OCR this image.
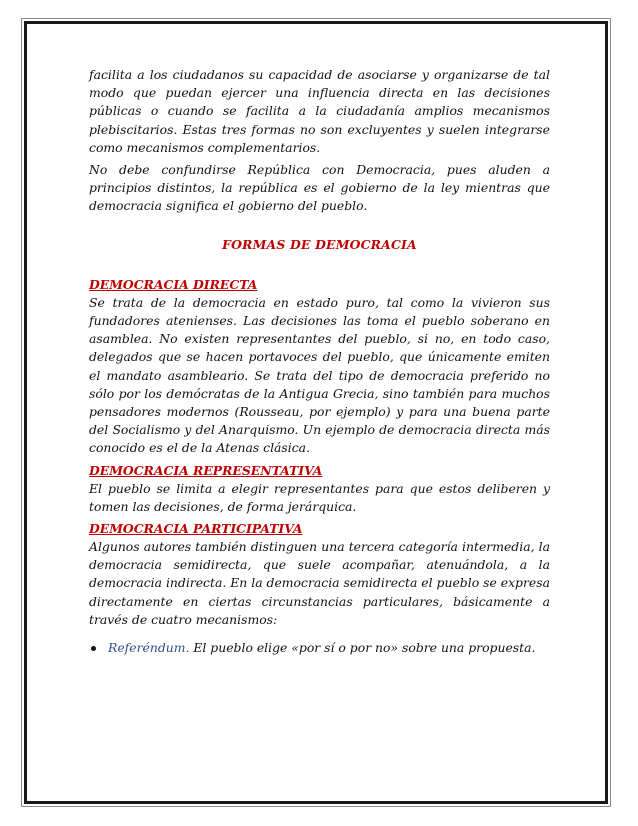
facilita a los ciudadanos su capacidad de asociarse y organizarse de tal modo que puedan ejercer una influencia directa en las decisiones públicas o cuando se facilita a la ciudadanía amplios mecanismos plebiscitarios. Estas tres formas no son excluyentes y suelen integrarse como mecanismos complementarios.

No debe confundirse República con Democracia, pues aluden a principios distintos, la república es el gobierno de la ley mientras que democracia significa el gobierno del pueblo.

FORMAS DE DEMOCRACIA
DEMOCRACIA DIRECTA

Se trata de la democracia en estado puro, tal como la vivieron sus fundadores atenienses. Las decisiones las toma el pueblo soberano en asamblea. No existen representantes del pueblo, si no, en todo caso, delegados que se hacen portavoces del pueblo, que únicamente emiten el mandato asambleario. Se trata del tipo de democracia preferido no sólo por los demócratas de la Antigua Grecia, sino también para muchos pensadores modernos (Rousseau, por ejemplo) y para una buena parte del Socialismo y del Anarquismo. Un ejemplo de democracia directa más conocido es el de la Atenas clásica.

DEMOCRACIA REPRESENTATIVA

El pueblo se limita a elegir representantes para que estos deliberen y tomen las decisiones, de forma jerárquica.

DEMOCRACIA PARTICIPATIVA

Algunos autores también distinguen una tercera categoría intermedia, la democracia semidirecta, que suele acompañar, atenuándola, a la democracia indirecta. En la democracia semidirecta el pueblo se expresa directamente en ciertas circunstancias particulares, básicamente a través de cuatro mecanismos:

Referéndum. El pueblo elige «por sí o por no» sobre una propuesta.
